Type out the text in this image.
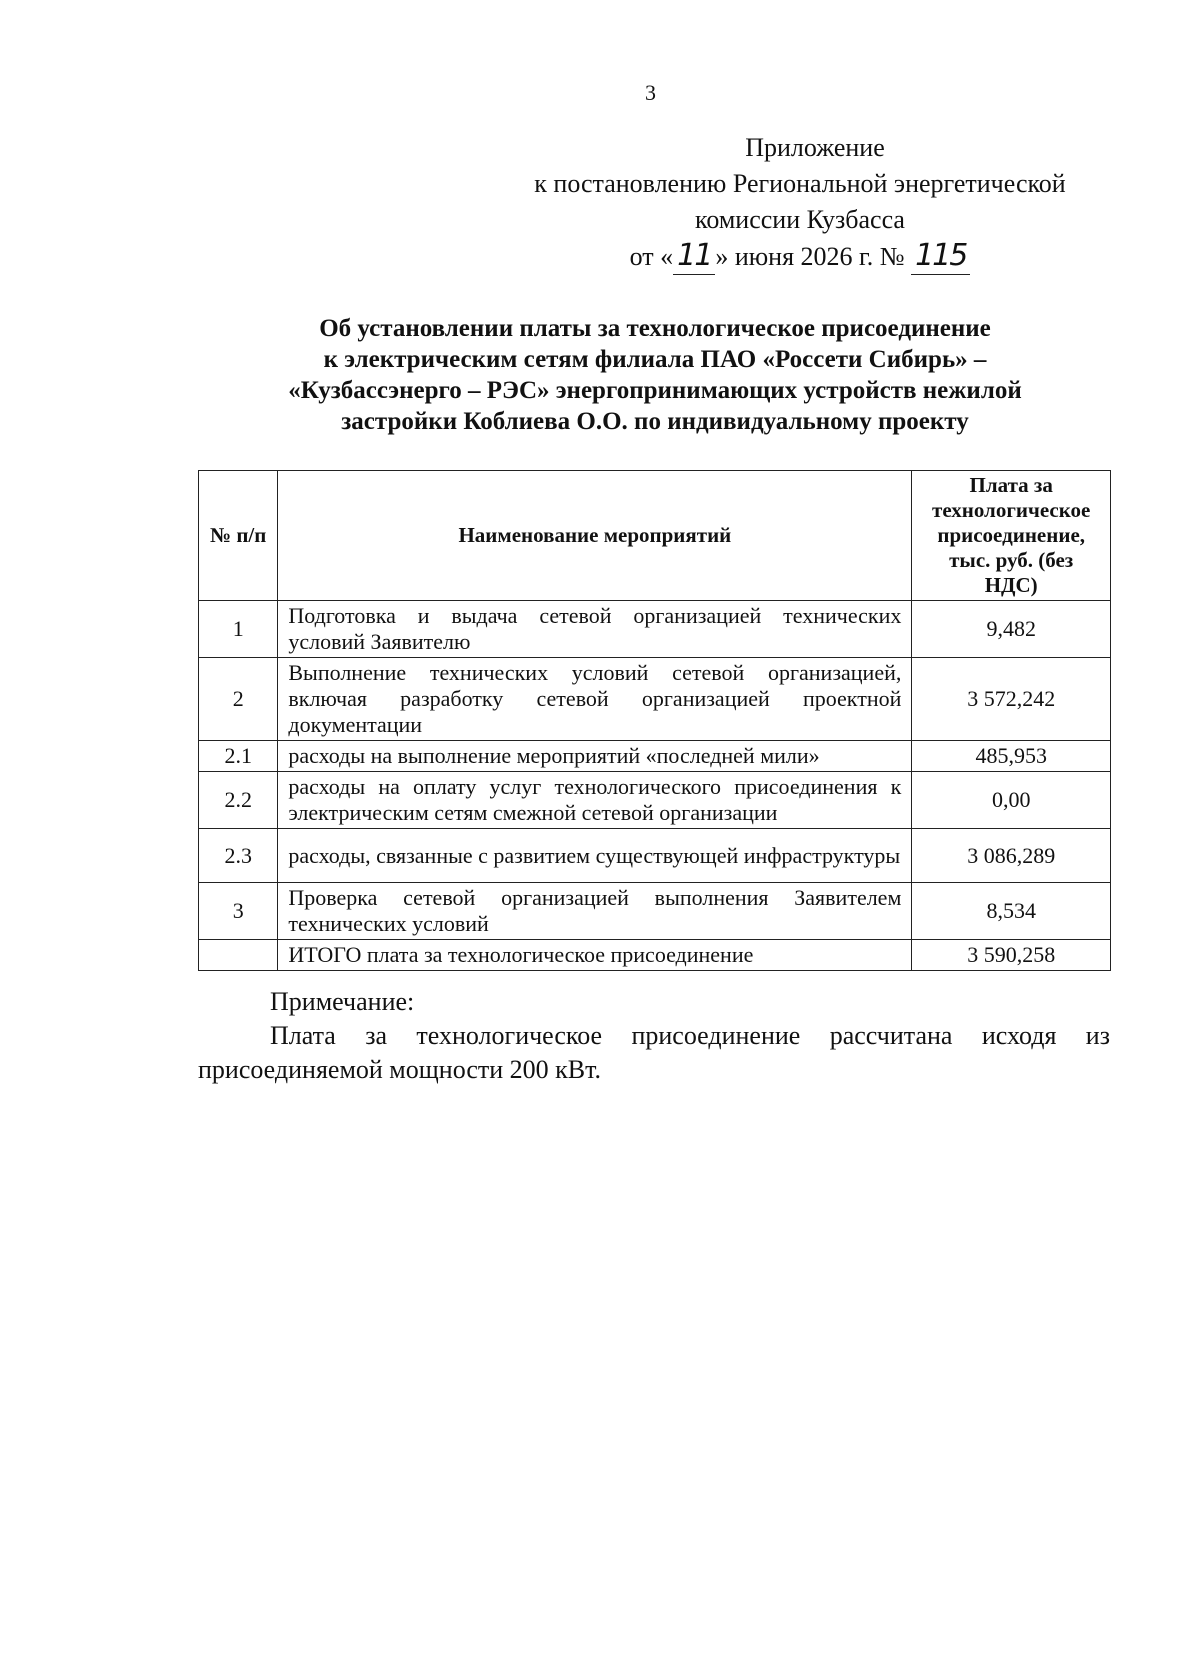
3
Приложение
к постановлению Региональной энергетической
комиссии Кузбасса
от « 11 » июня 2026 г. № 115
Об установлении платы за технологическое присоединение
к электрическим сетям филиала ПАО «Россети Сибирь» –
«Кузбассэнерго – РЭС» энергопринимающих устройств нежилой
застройки Коблиева О.О. по индивидуальному проекту
№ п/п	Наименование мероприятий	Плата за технологическое присоединение, тыс. руб. (без НДС)
1	Подготовка и выдача сетевой организацией технических условий Заявителю	9,482
2	Выполнение технических условий сетевой организацией, включая разработку сетевой организацией проектной документации	3 572,242
2.1	расходы на выполнение мероприятий «последней мили»	485,953
2.2	расходы на оплату услуг технологического присоединения к электрическим сетям смежной сетевой организации	0,00
2.3	расходы, связанные с развитием существующей инфраструктуры	3 086,289
3	Проверка сетевой организацией выполнения Заявителем технических условий	8,534
	ИТОГО плата за технологическое присоединение	3 590,258
Примечание:
Плата за технологическое присоединение рассчитана исходя из присоединяемой мощности 200 кВт.
